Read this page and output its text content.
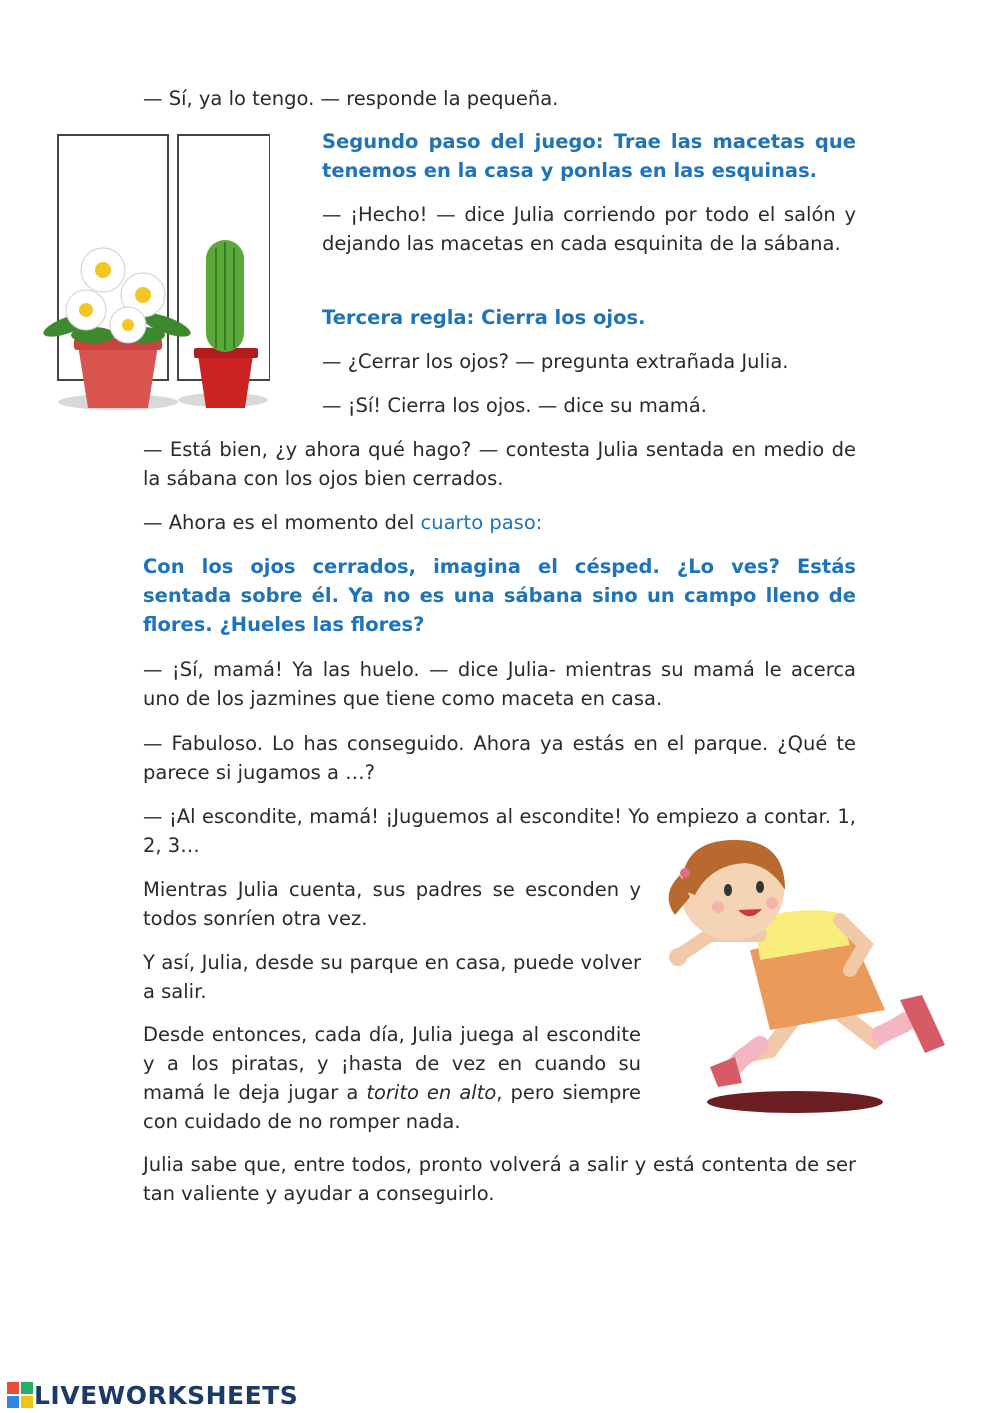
— Sí, ya lo tengo. — responde la pequeña.

Segundo paso del juego: Trae las macetas que tenemos en la casa y ponlas en las esquinas.

— ¡Hecho! — dice Julia corriendo por todo el salón y dejando las macetas en cada esquinita de la sábana.

Tercera regla: Cierra los ojos.

— ¿Cerrar los ojos? — pregunta extrañada Julia.

— ¡Sí! Cierra los ojos. — dice su mamá.

— Está bien, ¿y ahora qué hago? — contesta Julia sentada en medio de la sábana con los ojos bien cerrados.

— Ahora es el momento del cuarto paso:

Con los ojos cerrados, imagina el césped. ¿Lo ves? Estás sentada sobre él. Ya no es una sábana sino un campo lleno de flores. ¿Hueles las flores?

— ¡Sí, mamá! Ya las huelo. — dice Julia- mientras su mamá le acerca uno de los jazmines que tiene como maceta en casa.

— Fabuloso. Lo has conseguido. Ahora ya estás en el parque. ¿Qué te parece si jugamos a …?

— ¡Al escondite, mamá! ¡Juguemos al escondite! Yo empiezo a contar. 1, 2, 3…

Mientras Julia cuenta, sus padres se esconden y todos sonríen otra vez.

Y así, Julia, desde su parque en casa, puede volver a salir.

Desde entonces, cada día, Julia juega al escondite y a los piratas, y ¡hasta de vez en cuando su mamá le deja jugar a torito en alto, pero siempre con cuidado de no romper nada.

Julia sabe que, entre todos, pronto volverá a salir y está contenta de ser tan valiente y ayudar a conseguirlo.

LIVEWORKSHEETS
